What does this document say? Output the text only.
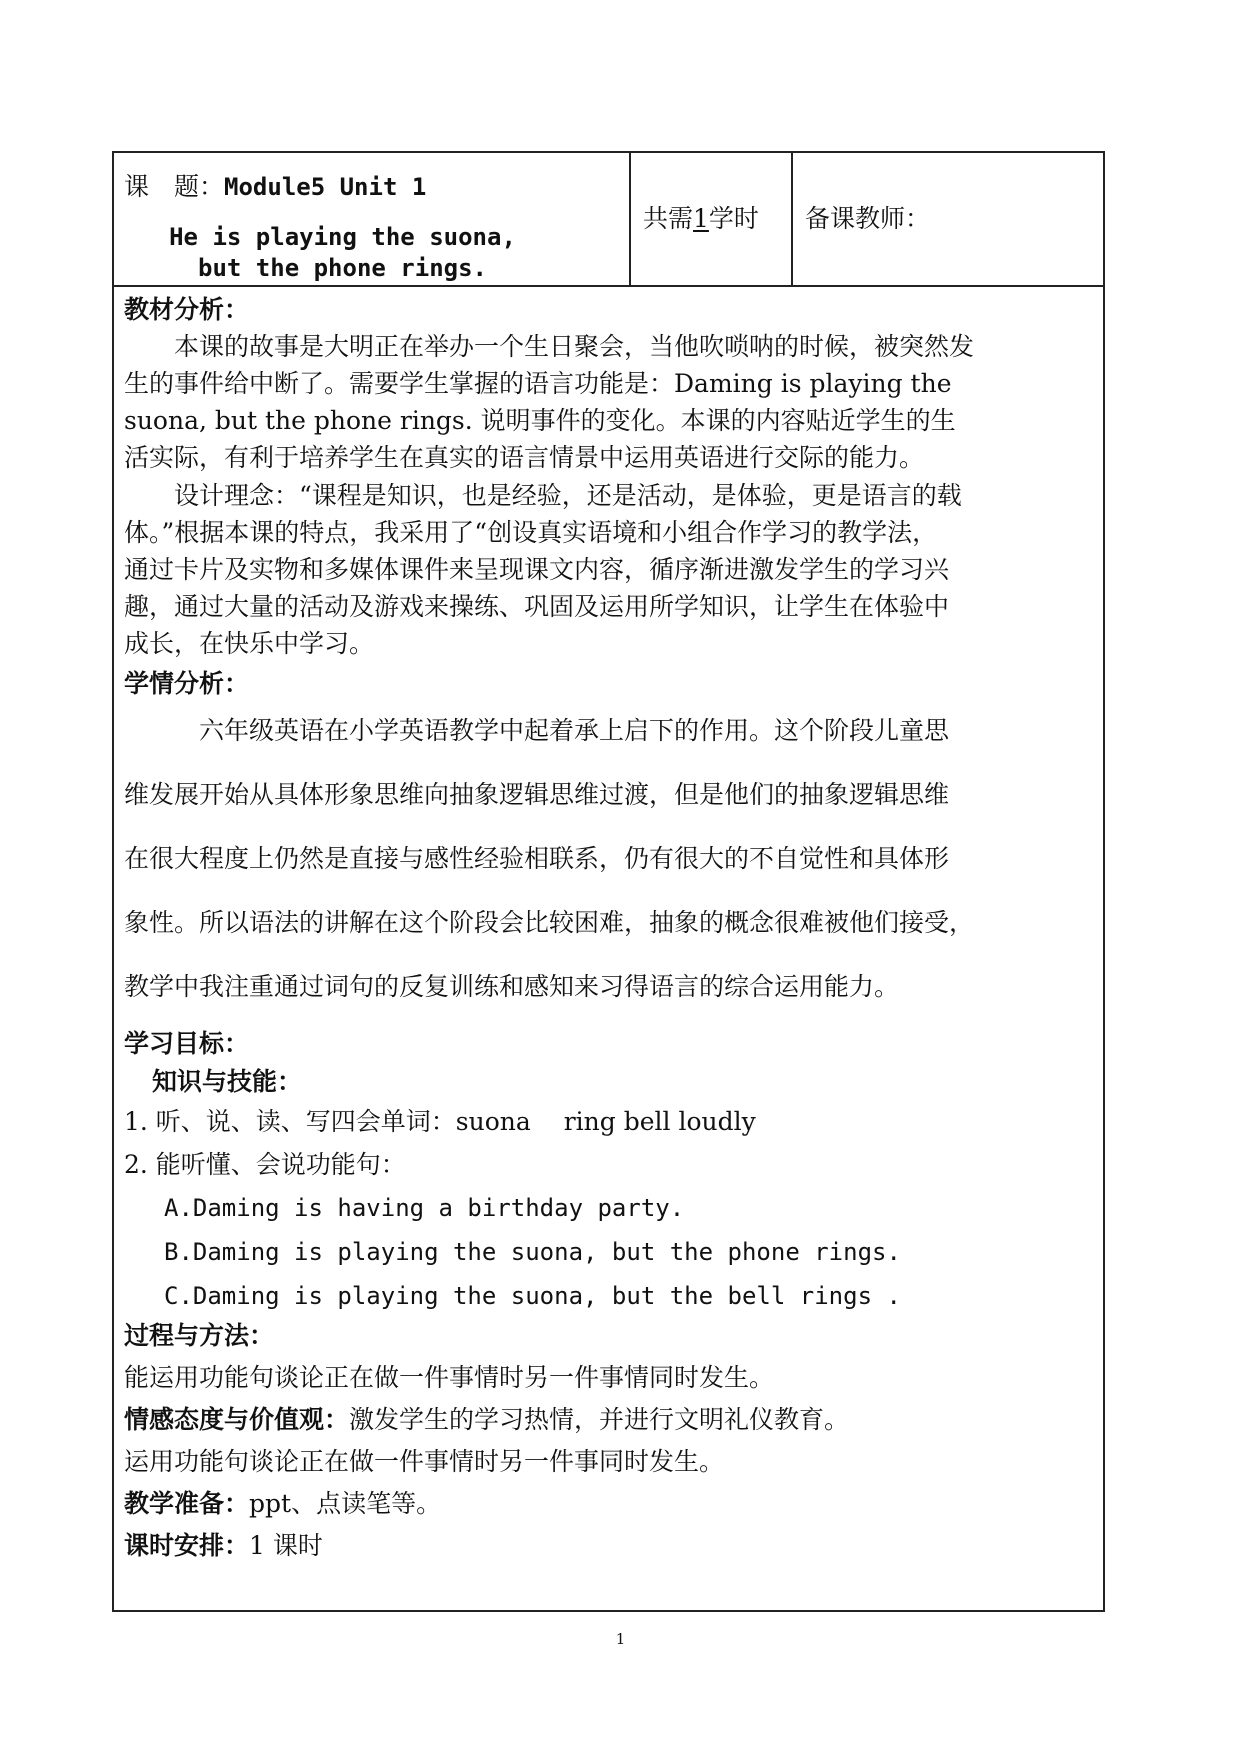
课　题：Module5 Unit 1
He is playing the suona,
but the phone rings.
共需1学时 备课教师：
教材分析：
　　本课的故事是大明正在举办一个生日聚会，当他吹唢呐的时候，被突然发
生的事件给中断了。需要学生掌握的语言功能是：Daming is playing the
suona, but the phone rings. 说明事件的变化。本课的内容贴近学生的生
活实际，有利于培养学生在真实的语言情景中运用英语进行交际的能力。
　　设计理念：“课程是知识，也是经验，还是活动，是体验，更是语言的载
体。”根据本课的特点，我采用了“创设真实语境和小组合作学习的教学法，
通过卡片及实物和多媒体课件来呈现课文内容，循序渐进激发学生的学习兴
趣，通过大量的活动及游戏来操练、巩固及运用所学知识，让学生在体验中
成长，在快乐中学习。
学情分析：
　　　六年级英语在小学英语教学中起着承上启下的作用。这个阶段儿童思
维发展开始从具体形象思维向抽象逻辑思维过渡，但是他们的抽象逻辑思维
在很大程度上仍然是直接与感性经验相联系，仍有很大的不自觉性和具体形
象性。所以语法的讲解在这个阶段会比较困难，抽象的概念很难被他们接受，
教学中我注重通过词句的反复训练和感知来习得语言的综合运用能力。
学习目标：
知识与技能：
1. 听、说、读、写四会单词：suona　 ring bell loudly
2. 能听懂、会说功能句：
A.Daming is having a birthday party.
B.Daming is playing the suona, but the phone rings.
C.Daming is playing the suona, but the bell rings .
过程与方法：
能运用功能句谈论正在做一件事情时另一件事情同时发生。
情感态度与价值观：激发学生的学习热情，并进行文明礼仪教育。
运用功能句谈论正在做一件事情时另一件事同时发生。
教学准备：ppt、点读笔等。
课时安排：1 课时
1
